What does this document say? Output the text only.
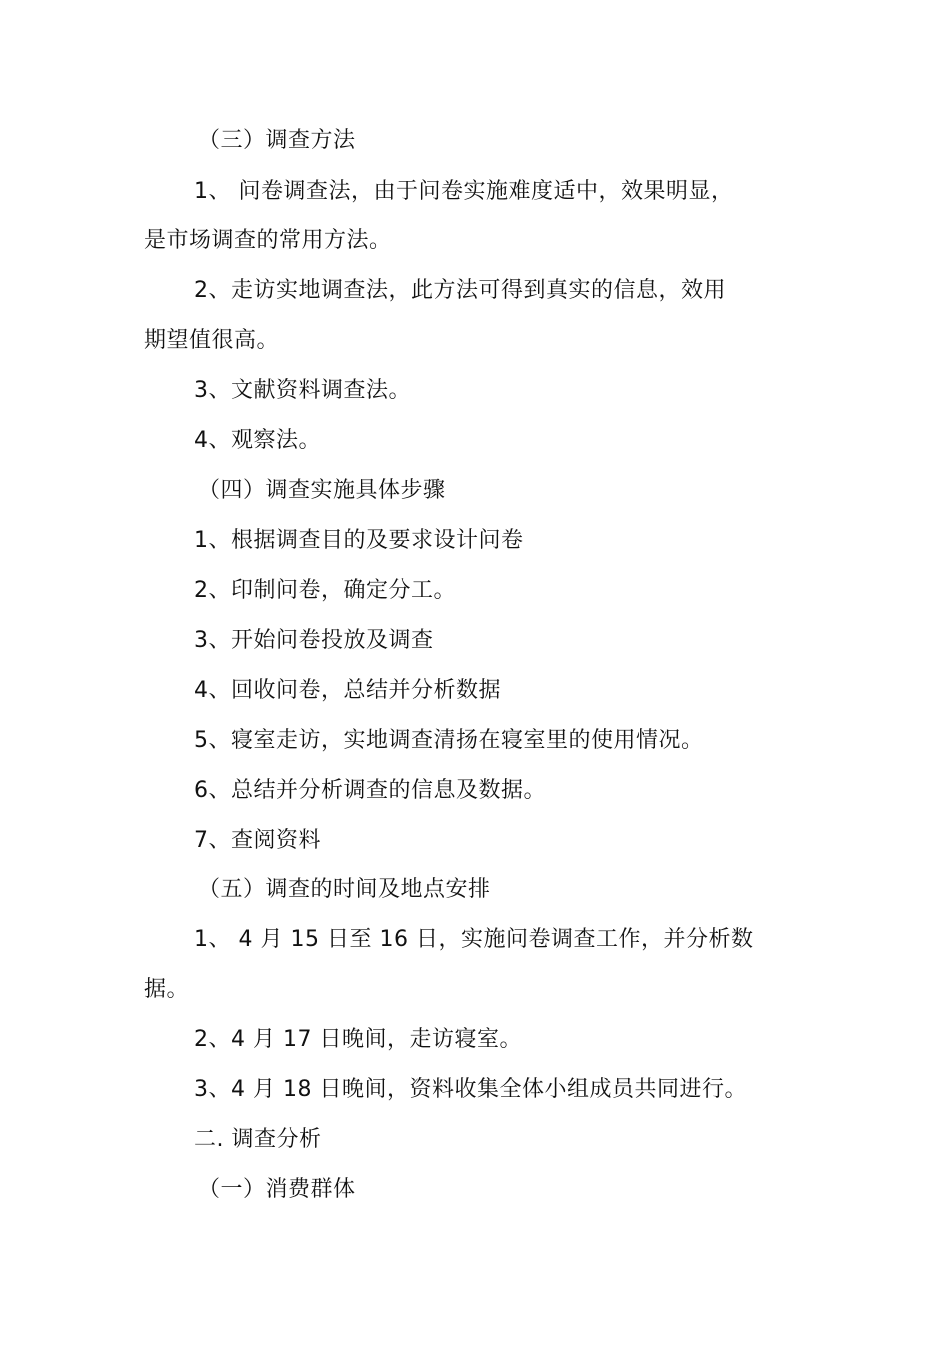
（三）调查方法
1、 问卷调查法，由于问卷实施难度适中，效果明显，
是市场调查的常用方法。
2、走访实地调查法，此方法可得到真实的信息，效用
期望值很高。
3、文献资料调查法。
4、观察法。
（四）调查实施具体步骤
1、根据调查目的及要求设计问卷
2、印制问卷，确定分工。
3、开始问卷投放及调查
4、回收问卷，总结并分析数据
5、寝室走访，实地调查清扬在寝室里的使用情况。
6、总结并分析调查的信息及数据。
7、查阅资料
（五）调查的时间及地点安排
1、 4 月 15 日至 16 日，实施问卷调查工作，并分析数
据。
2、4 月 17 日晚间，走访寝室。
3、4 月 18 日晚间，资料收集全体小组成员共同进行。
二. 调查分析
（一）消费群体
